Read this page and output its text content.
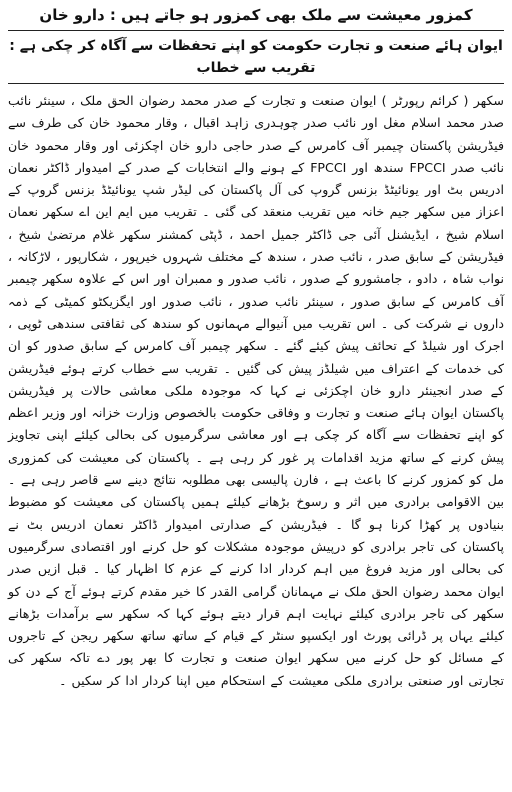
کمزور معیشت سے ملک بھی کمزور ہو جاتے ہیں : دارو خان
ایوان ہائے صنعت و تجارت حکومت کو اپنے تحفظات سے آگاہ کر چکی ہے : تقریب سے خطاب

سکھر ( کرائم رپورٹر ) ایوان صنعت و تجارت کے صدر محمد رضوان الحق ملک ، سینئر نائب صدر محمد اسلام مغل اور نائب صدر چوہدری زاہد اقبال ، وقار محمود خان کی طرف سے فیڈریشن پاکستان چیمبر آف کامرس کے صدر حاجی دارو خان اچکزئی اور وقار محمود خان نائب صدر FPCCI سندھ اور FPCCI کے ہونے والے انتخابات کے صدر کے امیدوار ڈاکٹر نعمان ادریس بٹ اور یونائیٹڈ بزنس گروپ کی آل پاکستان کی لیڈر شپ یونائیٹڈ بزنس گروپ کے اعزاز میں سکھر جیم خانہ میں تقریب منعقد کی گئی ۔ تقریب میں ایم این اے سکھر نعمان اسلام شیخ ، ایڈیشنل آئی جی ڈاکٹر جمیل احمد ، ڈپٹی کمشنر سکھر غلام مرتضیٰ شیخ ، فیڈریشن کے سابق صدر ، نائب صدر ، سندھ کے مختلف شہروں خیرپور ، شکارپور ، لاڑکانہ ، نواب شاہ ، دادو ، جامشورو کے صدور ، نائب صدور و ممبران اور اس کے علاوہ سکھر چیمبر آف کامرس کے سابق صدور ، سینئر نائب صدور ، نائب صدور اور ایگزیکٹو کمیٹی کے ذمہ داروں نے شرکت کی ۔ اس تقریب میں آنیوالے مہمانوں کو سندھ کی ثقافتی سندھی ٹوپی ، اجرک اور شیلڈ کے تحائف پیش کیئے گئے ۔ سکھر چیمبر آف کامرس کے سابق صدور کو ان کی خدمات کے اعتراف میں شیلڈز پیش کی گئیں ۔ تقریب سے خطاب کرتے ہوئے فیڈریشن کے صدر انجینئر دارو خان اچکزئی نے کہا کہ موجودہ ملکی معاشی حالات پر فیڈریشن پاکستان ایوان ہائے صنعت و تجارت و وفاقی حکومت بالخصوص وزارت خزانہ اور وزیر اعظم کو اپنے تحفظات سے آگاہ کر چکی ہے اور معاشی سرگرمیوں کی بحالی کیلئے اپنی تجاویز پیش کرنے کے ساتھ مزید اقدامات پر غور کر رہی ہے ۔ پاکستان کی معیشت کی کمزوری مل کو کمزور کرنے کا باعث ہے ، فارن پالیسی بھی مطلوبہ نتائج دینے سے قاصر رہی ہے ۔ بین الاقوامی برادری میں اثر و رسوخ بڑھانے کیلئے ہمیں پاکستان کی معیشت کو مضبوط بنیادوں پر کھڑا کرنا ہو گا ۔ فیڈریشن کے صدارتی امیدوار ڈاکٹر نعمان ادریس بٹ نے پاکستان کی تاجر برادری کو درپیش موجودہ مشکلات کو حل کرنے اور اقتصادی سرگرمیوں کی بحالی اور مزید فروغ میں اہم کردار ادا کرنے کے عزم کا اظہار کیا ۔ قبل ازیں صدر ایوان محمد رضوان الحق ملک نے مہمانان گرامی القدر کا خیر مقدم کرتے ہوئے آج کے دن کو سکھر کی تاجر برادری کیلئے نہایت اہم قرار دیتے ہوئے کہا کہ سکھر سے برآمدات بڑھانے کیلئے یہاں پر ڈرائی پورٹ اور ایکسپو سنٹر کے قیام کے ساتھ ساتھ سکھر ریجن کے تاجروں کے مسائل کو حل کرنے میں سکھر ایوان صنعت و تجارت کا بھر پور دے تاکہ سکھر کی تجارتی اور صنعتی برادری ملکی معیشت کے استحکام میں اپنا کردار ادا کر سکیں ۔
